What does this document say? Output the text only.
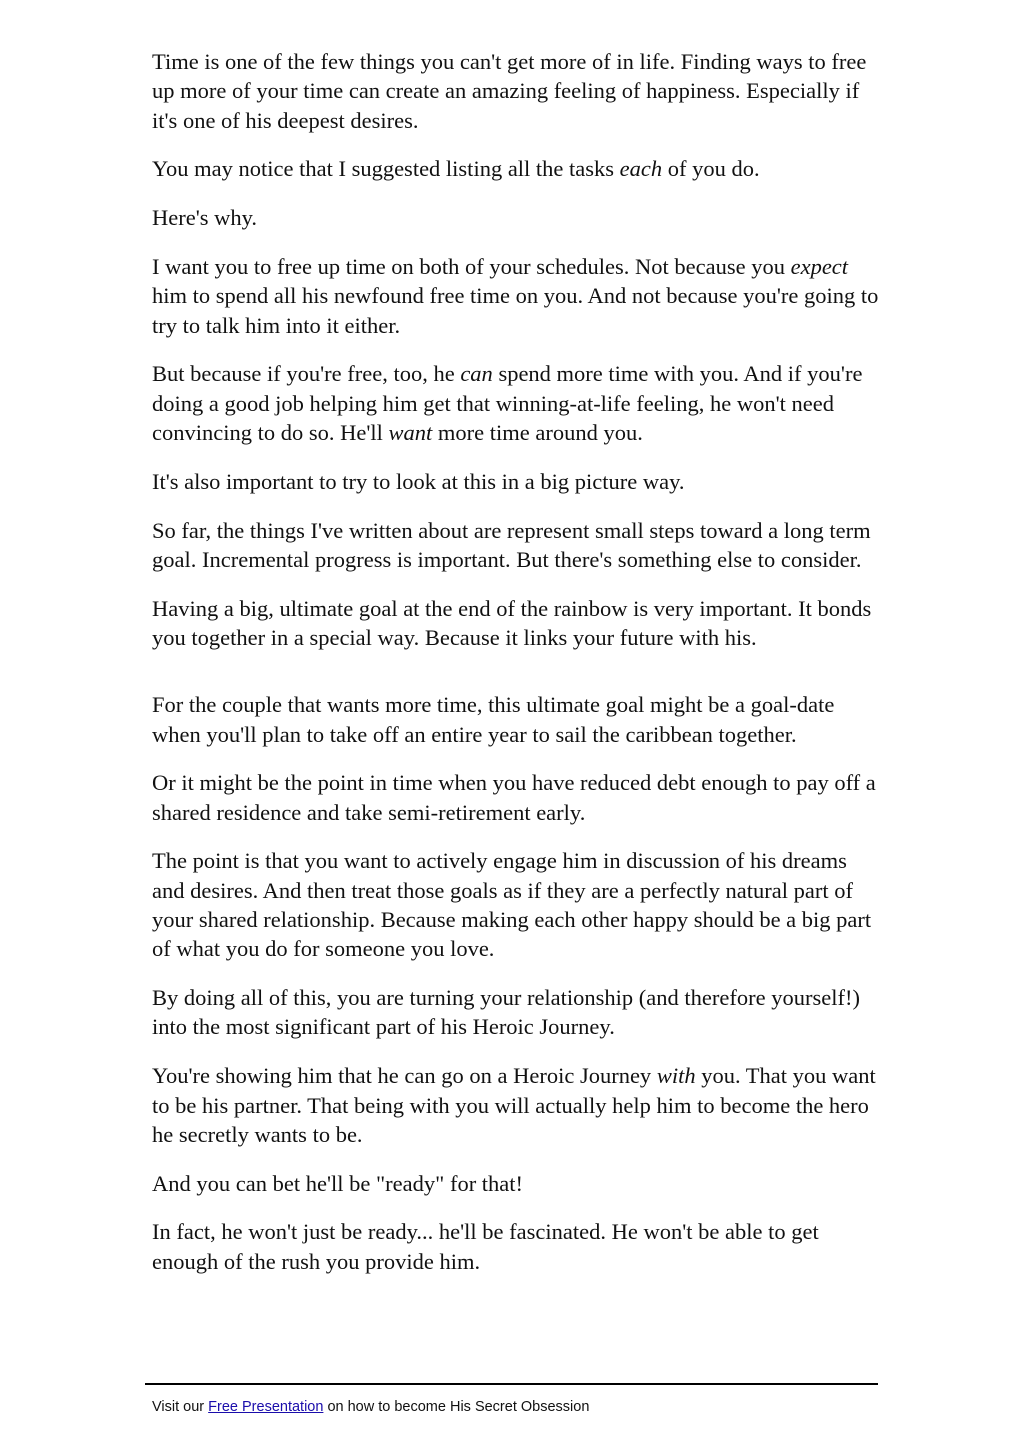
Time is one of the few things you can't get more of in life. Finding ways to free up more of your time can create an amazing feeling of happiness. Especially if it's one of his deepest desires.

You may notice that I suggested listing all the tasks each of you do.

Here's why.

I want you to free up time on both of your schedules. Not because you expect him to spend all his newfound free time on you. And not because you're going to try to talk him into it either.

But because if you're free, too, he can spend more time with you. And if you're doing a good job helping him get that winning-at-life feeling, he won't need convincing to do so. He'll want more time around you.

It's also important to try to look at this in a big picture way.

So far, the things I've written about are represent small steps toward a long term goal. Incremental progress is important. But there's something else to consider.

Having a big, ultimate goal at the end of the rainbow is very important. It bonds you together in a special way. Because it links your future with his.

For the couple that wants more time, this ultimate goal might be a goal-date when you'll plan to take off an entire year to sail the caribbean together.

Or it might be the point in time when you have reduced debt enough to pay off a shared residence and take semi-retirement early.

The point is that you want to actively engage him in discussion of his dreams and desires. And then treat those goals as if they are a perfectly natural part of your shared relationship. Because making each other happy should be a big part of what you do for someone you love.

By doing all of this, you are turning your relationship (and therefore yourself!) into the most significant part of his Heroic Journey.

You're showing him that he can go on a Heroic Journey with you. That you want to be his partner. That being with you will actually help him to become the hero he secretly wants to be.

And you can bet he'll be "ready" for that!

In fact, he won't just be ready... he'll be fascinated. He won't be able to get enough of the rush you provide him.

Visit our Free Presentation on how to become His Secret Obsession
